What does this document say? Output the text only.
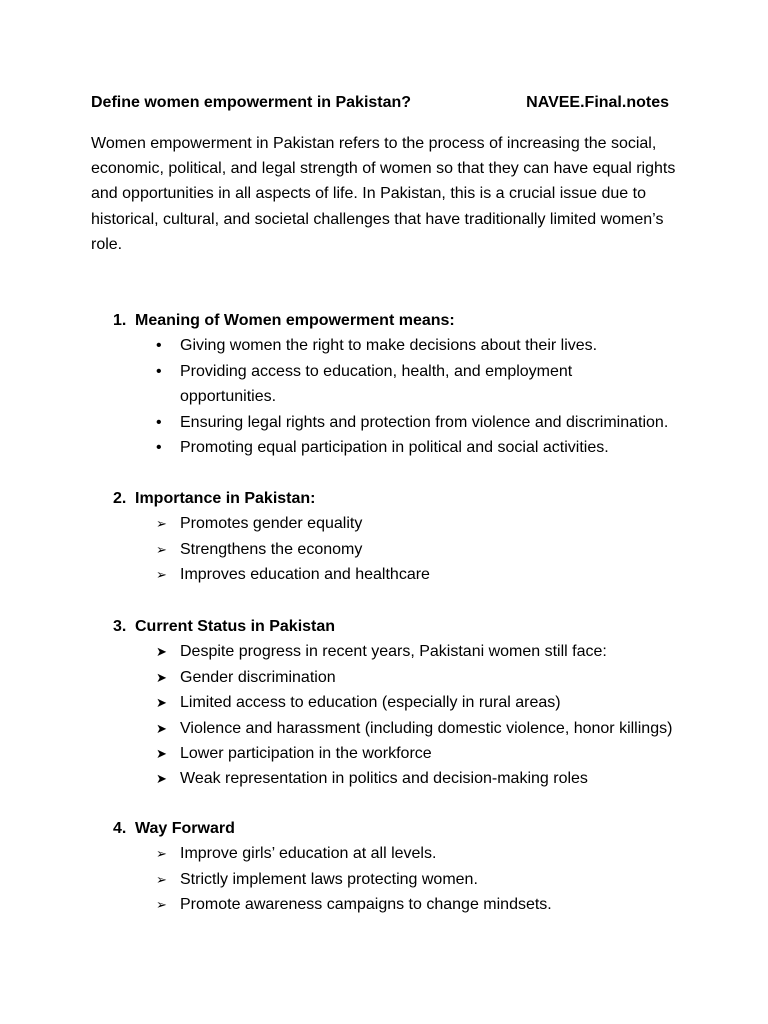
Define women empowerment in Pakistan?	NAVEE.Final.notes

Women empowerment in Pakistan refers to the process of increasing the social, economic, political, and legal strength of women so that they can have equal rights and opportunities in all aspects of life. In Pakistan, this is a crucial issue due to historical, cultural, and societal challenges that have traditionally limited women’s role.

1. Meaning of Women empowerment means:
•	Giving women the right to make decisions about their lives.
•	Providing access to education, health, and employment opportunities.
•	Ensuring legal rights and protection from violence and discrimination.
•	Promoting equal participation in political and social activities.
2. Importance in Pakistan:
➢ Promotes gender equality
➢ Strengthens the economy
➢ Improves education and healthcare
3. Current Status in Pakistan
➤ Despite progress in recent years, Pakistani women still face:
➤ Gender discrimination
➤ Limited access to education (especially in rural areas)
➤ Violence and harassment (including domestic violence, honor killings)
➤ Lower participation in the workforce
➤ Weak representation in politics and decision-making roles
4. Way Forward
➢ Improve girls’ education at all levels.
➢ Strictly implement laws protecting women.
➢ Promote awareness campaigns to change mindsets.
